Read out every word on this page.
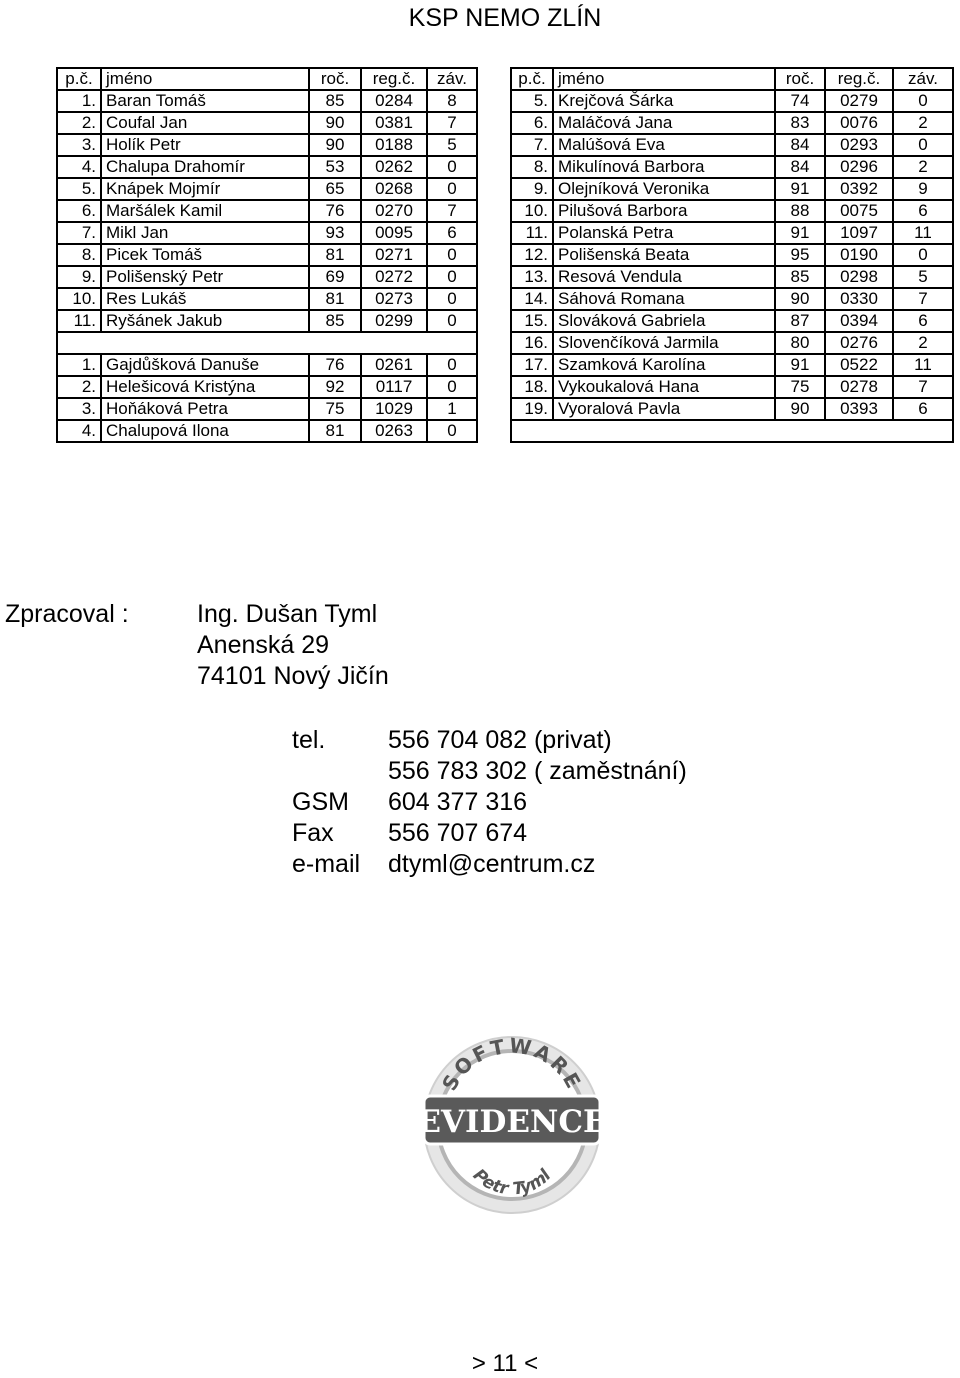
KSP NEMO ZLÍN
p.č.	jméno	roč.	reg.č.	záv.
1.	Baran Tomáš	85	0284	8
2.	Coufal Jan	90	0381	7
3.	Holík Petr	90	0188	5
4.	Chalupa Drahomír	53	0262	0
5.	Knápek Mojmír	65	0268	0
6.	Maršálek Kamil	76	0270	7
7.	Mikl Jan	93	0095	6
8.	Picek Tomáš	81	0271	0
9.	Polišenský Petr	69	0272	0
10.	Res Lukáš	81	0273	0
11.	Ryšánek Jakub	85	0299	0

1.	Gajdůšková Danuše	76	0261	0
2.	Helešicová Kristýna	92	0117	0
3.	Hoňáková Petra	75	1029	1
4.	Chalupová Ilona	81	0263	0
p.č.	jméno	roč.	reg.č.	záv.
5.	Krejčová Šárka	74	0279	0
6.	Maláčová Jana	83	0076	2
7.	Malúšová Eva	84	0293	0
8.	Mikulínová Barbora	84	0296	2
9.	Olejníková Veronika	91	0392	9
10.	Pilušová Barbora	88	0075	6
11.	Polanská Petra	91	1097	11
12.	Polišenská Beata	95	0190	0
13.	Resová Vendula	85	0298	5
14.	Sáhová Romana	90	0330	7
15.	Slováková Gabriela	87	0394	6
16.	Slovenčíková Jarmila	80	0276	2
17.	Szamková Karolína	91	0522	11
18.	Vykoukalová Hana	75	0278	7
19.	Vyoralová Pavla	90	0393	6

Zpracoval :	Ing. Dušan Tyml
Anenská 29
74101 Nový Jičín
tel.	556 704 082 (privat)
556 783 302 ( zaměstnání)
GSM	604 377 316
Fax	556 707 674
e-mail	dtyml@centrum.cz
SOFTWARE
EVIDENCE
Petr Tyml
> 11 <
